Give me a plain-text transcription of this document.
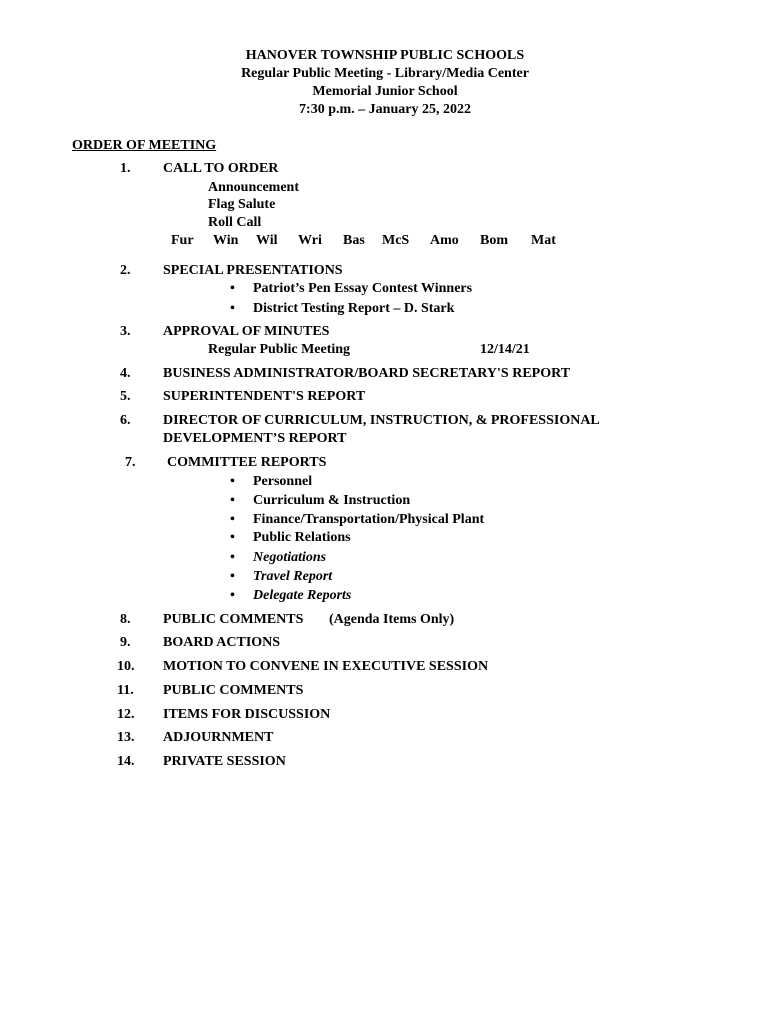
HANOVER TOWNSHIP PUBLIC SCHOOLS
Regular Public Meeting - Library/Media Center
Memorial Junior School
7:30 p.m. – January 25, 2022
ORDER OF MEETING
1. CALL TO ORDER
Announcement
Flag Salute
Roll Call
Fur Win Wil Wri Bas McS Amo Bom Mat
2. SPECIAL PRESENTATIONS
• Patriot’s Pen Essay Contest Winners
• District Testing Report – D. Stark
3. APPROVAL OF MINUTES
Regular Public Meeting	12/14/21
4. BUSINESS ADMINISTRATOR/BOARD SECRETARY'S REPORT
5. SUPERINTENDENT'S REPORT
6. DIRECTOR OF CURRICULUM, INSTRUCTION, & PROFESSIONAL
DEVELOPMENT’S REPORT
7. COMMITTEE REPORTS
• Personnel
• Curriculum & Instruction
• Finance/Transportation/Physical Plant
• Public Relations
• Negotiations
• Travel Report
• Delegate Reports
8. PUBLIC COMMENTS (Agenda Items Only)
9. BOARD ACTIONS
10. MOTION TO CONVENE IN EXECUTIVE SESSION
11. PUBLIC COMMENTS
12. ITEMS FOR DISCUSSION
13. ADJOURNMENT
14. PRIVATE SESSION
